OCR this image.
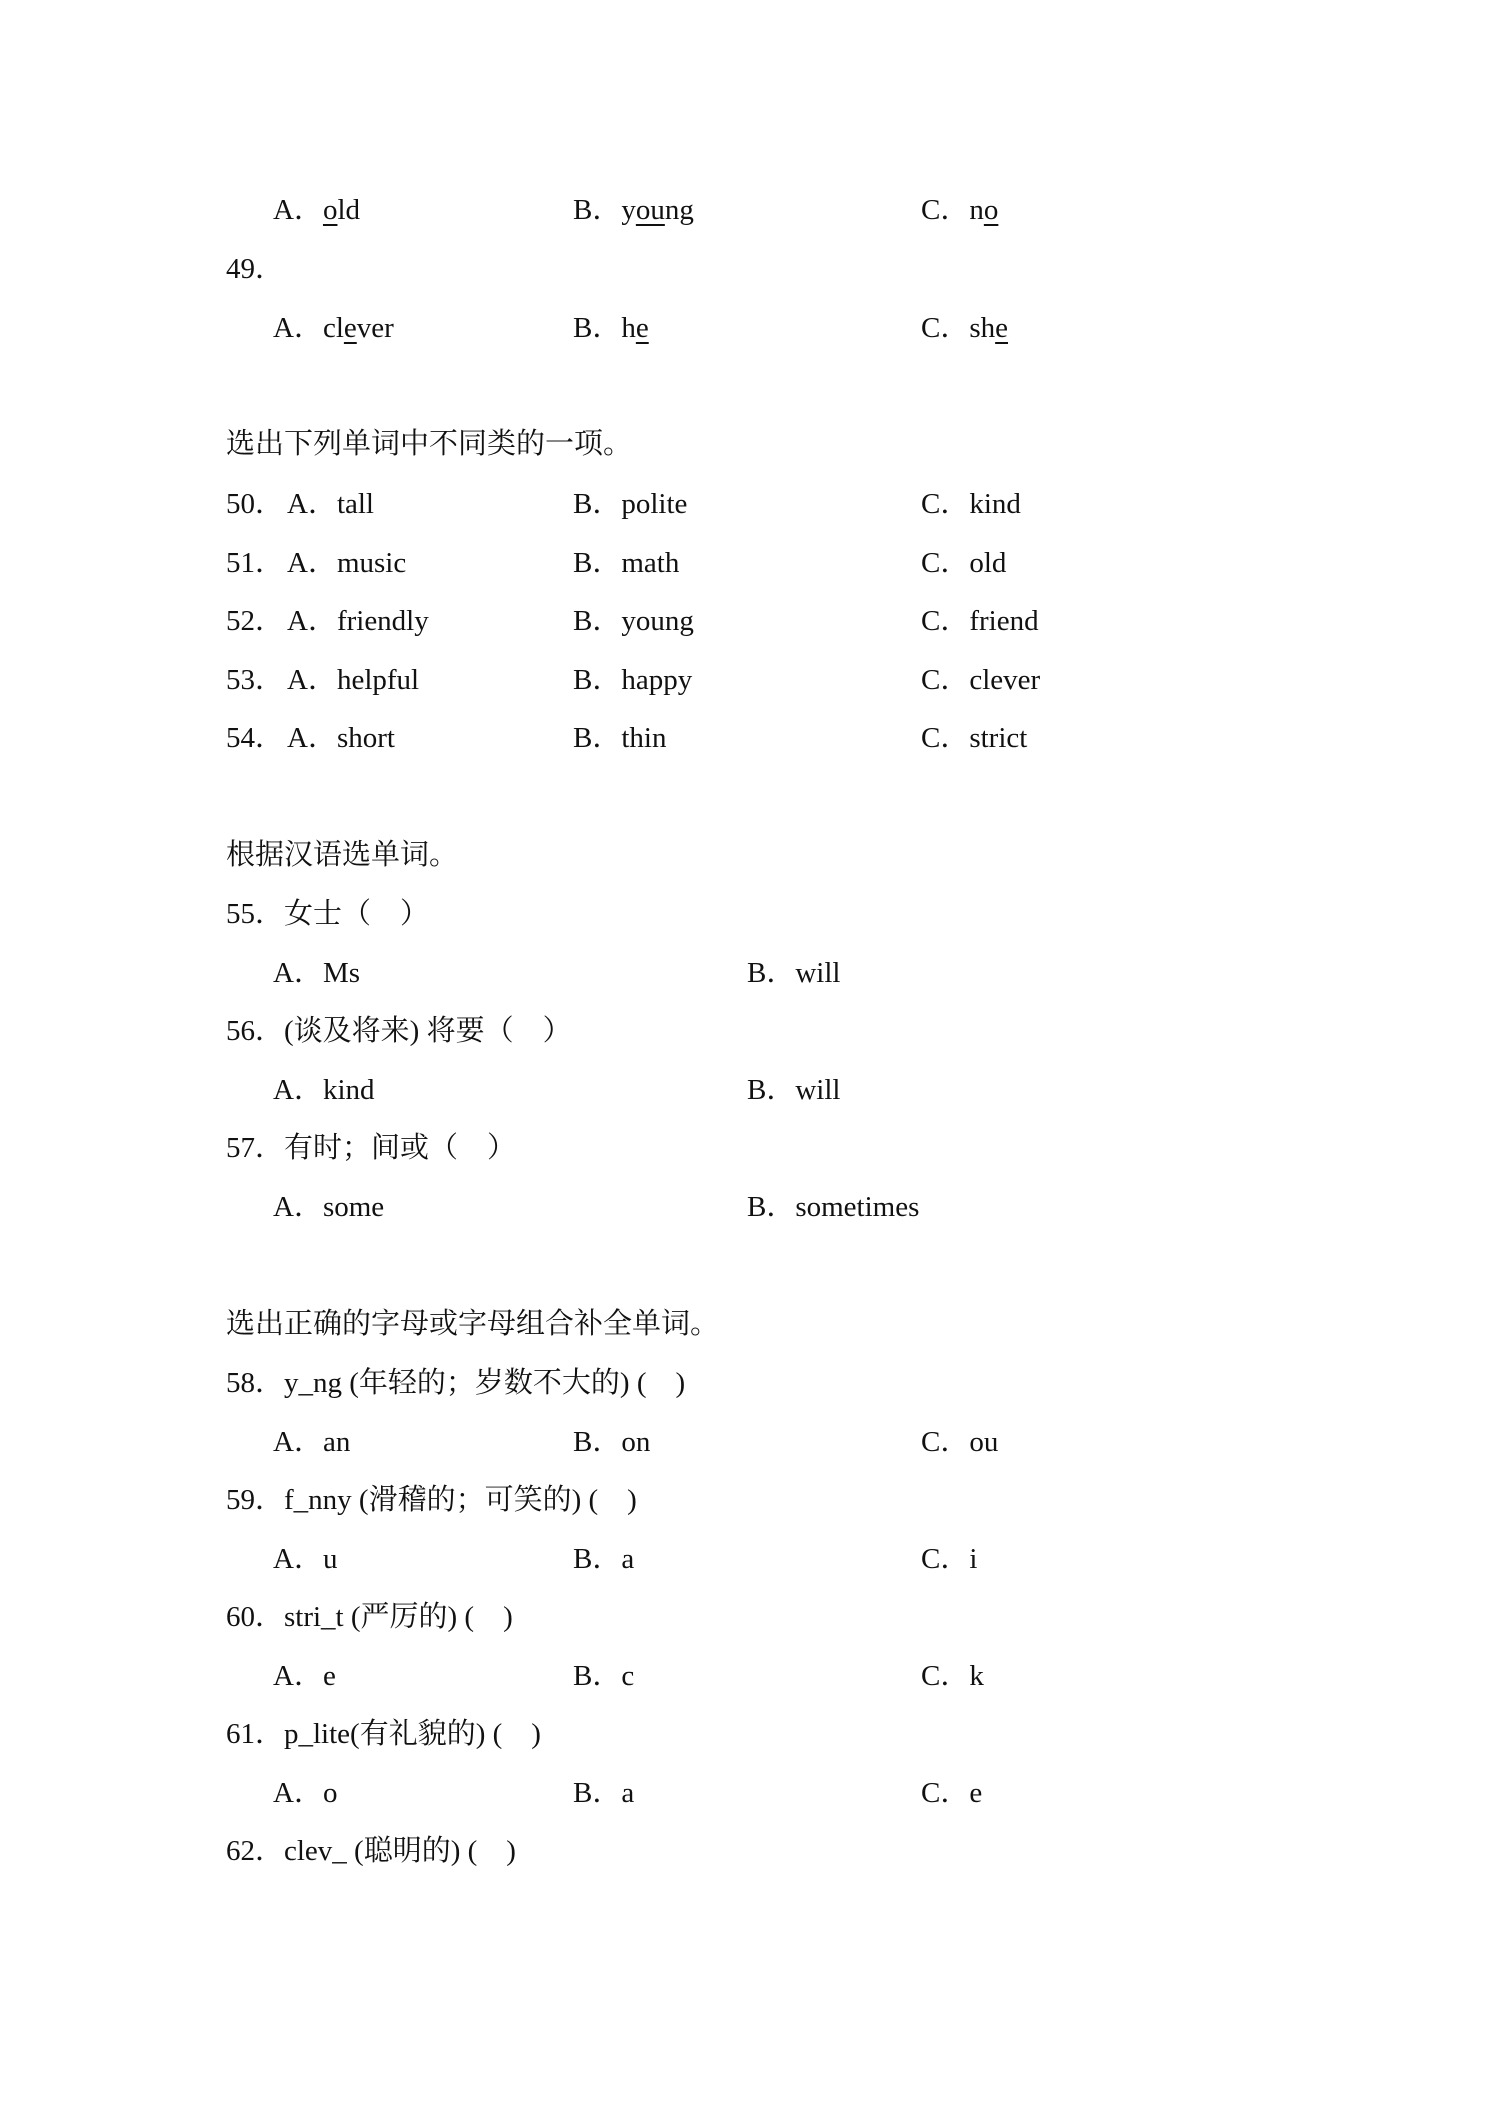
A．old	B．young	C．no
49．
A．clever	B．he	C．she
选出下列单词中不同类的一项。
50． A．tall	B．polite	C．kind
51． A．music	B．math	C．old
52． A．friendly	B．young	C．friend
53． A．helpful	B．happy	C．clever
54． A．short	B．thin	C．strict
根据汉语选单词。
55．女士（　）
A．Ms	B．will
56．(谈及将来) 将要（　）
A．kind	B．will
57．有时；间或（　）
A．some	B．sometimes
选出正确的字母或字母组合补全单词。
58．y_ng (年轻的；岁数不大的) (　)
A．an	B．on	C．ou
59．f_nny (滑稽的；可笑的) (　)
A．u	B．a	C．i
60．stri_t (严厉的) (　)
A．e	B．c	C．k
61．p_lite(有礼貌的) (　)
A．o	B．a	C．e
62．clev_ (聪明的) (　)
